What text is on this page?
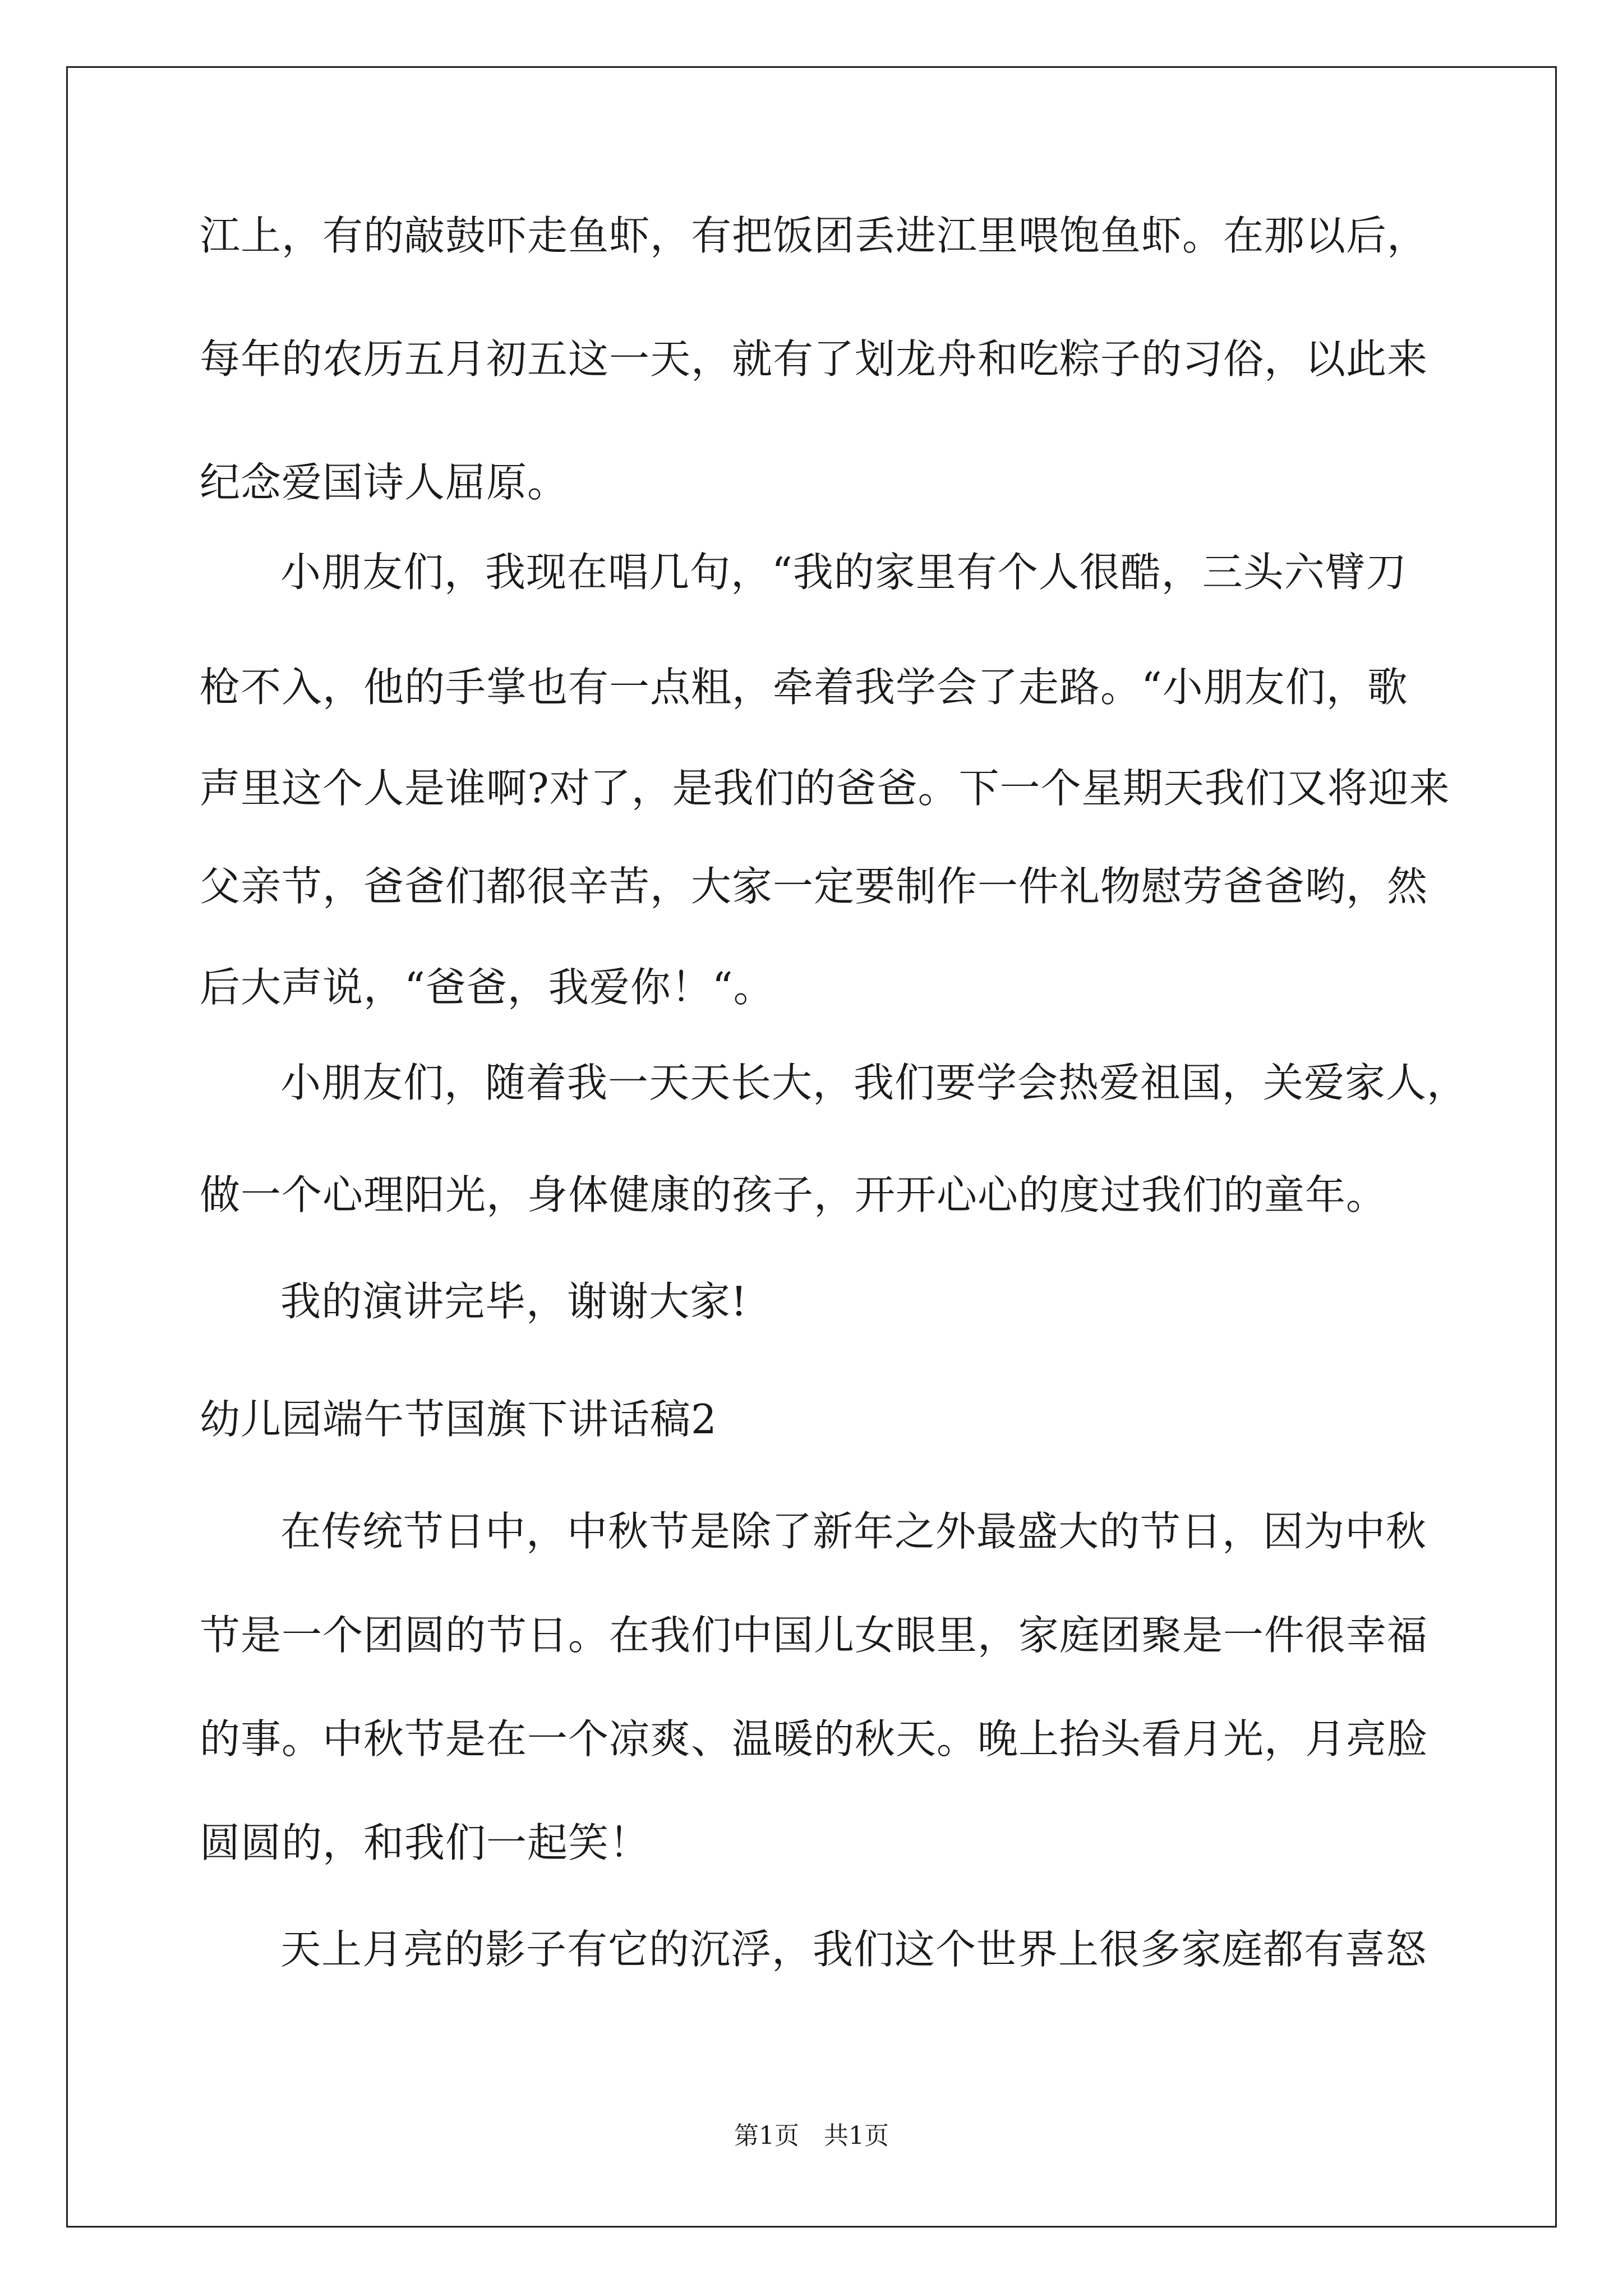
江上，有的敲鼓吓走鱼虾，有把饭团丢进江里喂饱鱼虾。在那以后，
每年的农历五月初五这一天，就有了划龙舟和吃粽子的习俗，以此来
纪念爱国诗人屈原。
小朋友们，我现在唱几句，“我的家里有个人很酷，三头六臂刀
枪不入，他的手掌也有一点粗，牵着我学会了走路。“小朋友们，歌
声里这个人是谁啊?对了，是我们的爸爸。下一个星期天我们又将迎来
父亲节，爸爸们都很辛苦，大家一定要制作一件礼物慰劳爸爸哟，然
后大声说，“爸爸，我爱你！“。
小朋友们，随着我一天天长大，我们要学会热爱祖国，关爱家人，
做一个心理阳光，身体健康的孩子，开开心心的度过我们的童年。
我的演讲完毕，谢谢大家!
幼儿园端午节国旗下讲话稿2
在传统节日中，中秋节是除了新年之外最盛大的节日，因为中秋
节是一个团圆的节日。在我们中国儿女眼里，家庭团聚是一件很幸福
的事。中秋节是在一个凉爽、温暖的秋天。晚上抬头看月光，月亮脸
圆圆的，和我们一起笑！
天上月亮的影子有它的沉浮，我们这个世界上很多家庭都有喜怒
第1页　共1页
